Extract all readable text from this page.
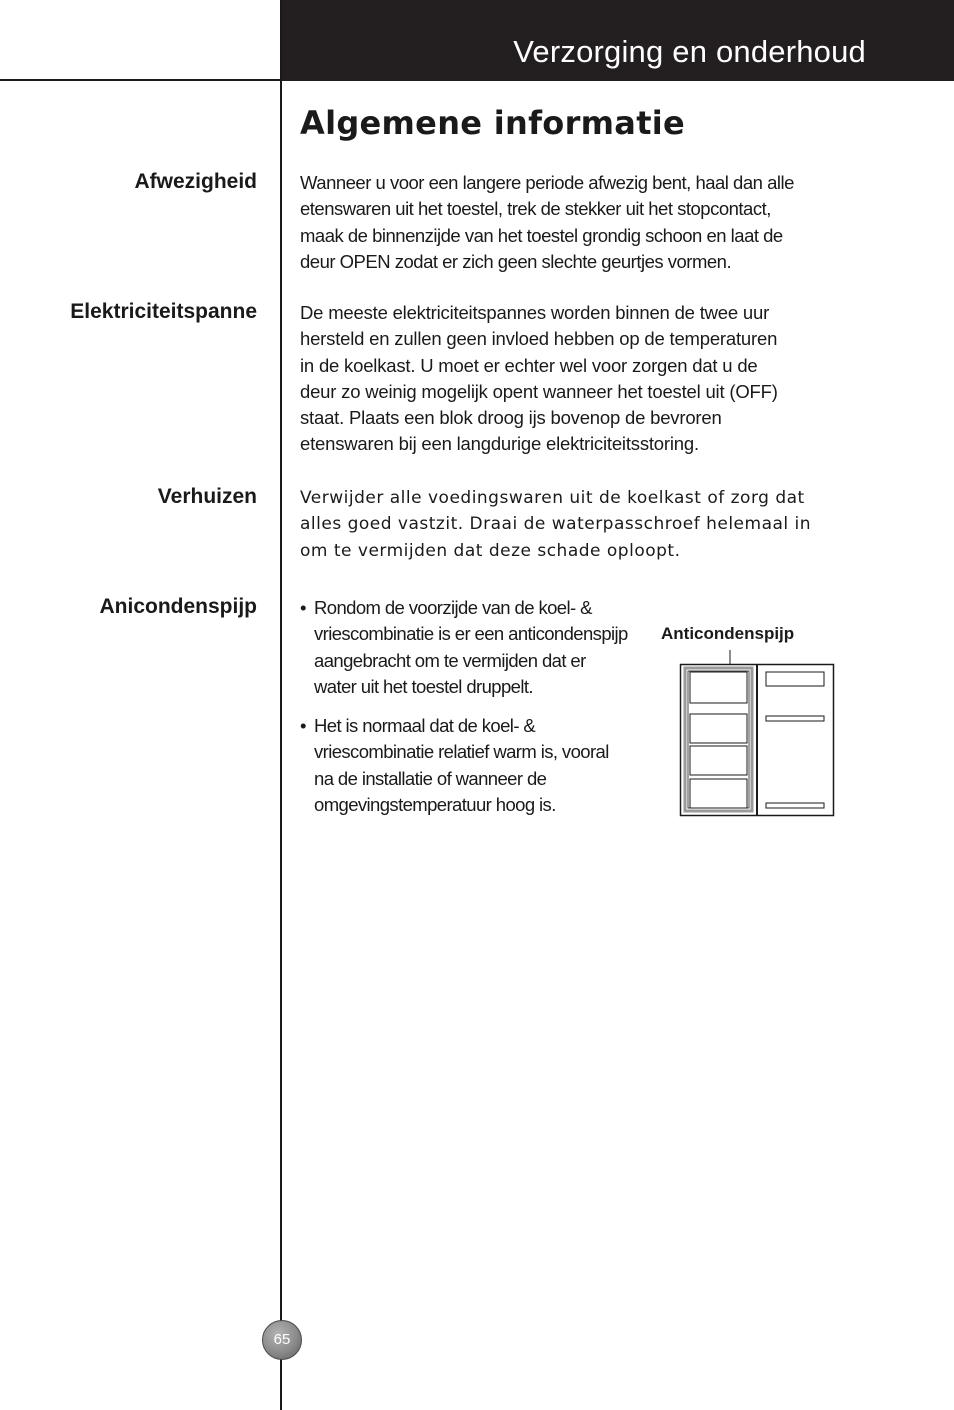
Verzorging en onderhoud
Algemene informatie
Afwezigheid Wanneer u voor een langere periode afwezig bent, haal dan alle
etenswaren uit het toestel, trek de stekker uit het stopcontact,
maak de binnenzijde van het toestel grondig schoon en laat de
deur OPEN zodat er zich geen slechte geurtjes vormen.

Elektriciteitspanne De meeste elektriciteitspannes worden binnen de twee uur
hersteld en zullen geen invloed hebben op de temperaturen
in de koelkast. U moet er echter wel voor zorgen dat u de
deur zo weinig mogelijk opent wanneer het toestel uit (OFF)
staat. Plaats een blok droog ijs bovenop de bevroren
etenswaren bij een langdurige elektriciteitsstoring.

Verhuizen	Verwijder alle voedingswaren uit de koelkast of zorg dat
alles goed vastzit. Draai de waterpasschroef helemaal in
om te vermijden dat deze schade oploopt.

Anicondenspijp • Rondom de voorzijde van de koel- &
vriescombinatie is er een anticondenspijp
aangebracht om te vermijden dat er
water uit het toestel druppelt.

• Het is normaal dat de koel- &
vriescombinatie relatief warm is, vooral
na de installatie of wanneer de
omgevingstemperatuur hoog is.

Anticondenspijp
65
